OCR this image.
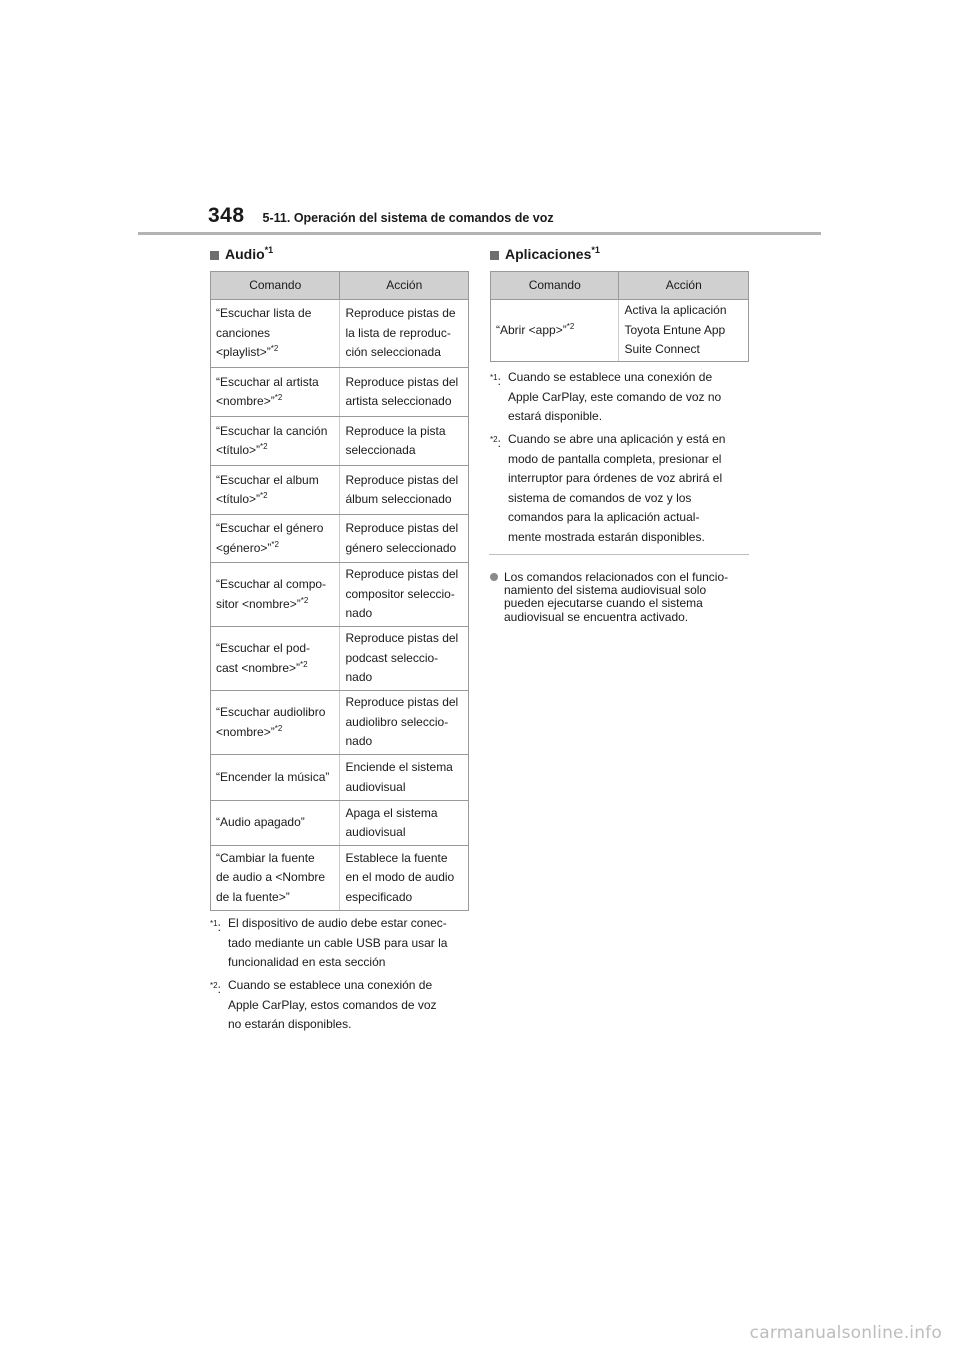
348 5-11. Operación del sistema de comandos de voz
Audio$^{*1}$
Comando	Acción

“Escuchar lista de
canciones
<playlist>”$^{*2}$	Reproduce pistas de
la lista de reproduc-
ción seleccionada

“Escuchar al artista
<nombre>”$^{*2}$	Reproduce pistas del
artista seleccionado

“Escuchar la canción
<título>”$^{*2}$	Reproduce la pista
seleccionada

“Escuchar el album
<título>”$^{*2}$	Reproduce pistas del
álbum seleccionado

“Escuchar el género
<género>”$^{*2}$	Reproduce pistas del
género seleccionado

“Escuchar al compo-
sitor <nombre>”$^{*2}$	Reproduce pistas del
compositor seleccio-
nado

“Escuchar el pod-
cast <nombre>”$^{*2}$	Reproduce pistas del
podcast seleccio-
nado

“Escuchar audiolibro
<nombre>”$^{*2}$	Reproduce pistas del
audiolibro seleccio-
nado

“Encender la música”	Enciende el sistema
audiovisual

“Audio apagado”	Apaga el sistema
audiovisual

“Cambiar la fuente
de audio a <Nombre
de la fuente>”	Establece la fuente
en el modo de audio
especificado
$^{*1}$: El dispositivo de audio debe estar conec-
tado mediante un cable USB para usar la
funcionalidad en esta sección
$^{*2}$: Cuando se establece una conexión de
Apple CarPlay, estos comandos de voz
no estarán disponibles.
Aplicaciones$^{*1}$
Comando	Acción

“Abrir <app>”$^{*2}$	Activa la aplicación
Toyota Entune App
Suite Connect
$^{*1}$: Cuando se establece una conexión de
Apple CarPlay, este comando de voz no
estará disponible.
$^{*2}$: Cuando se abre una aplicación y está en
modo de pantalla completa, presionar el
interruptor para órdenes de voz abrirá el
sistema de comandos de voz y los
comandos para la aplicación actual-
mente mostrada estarán disponibles.
Los comandos relacionados con el funcio-
namiento del sistema audiovisual solo
pueden ejecutarse cuando el sistema
audiovisual se encuentra activado.
carmanualsonline.info
